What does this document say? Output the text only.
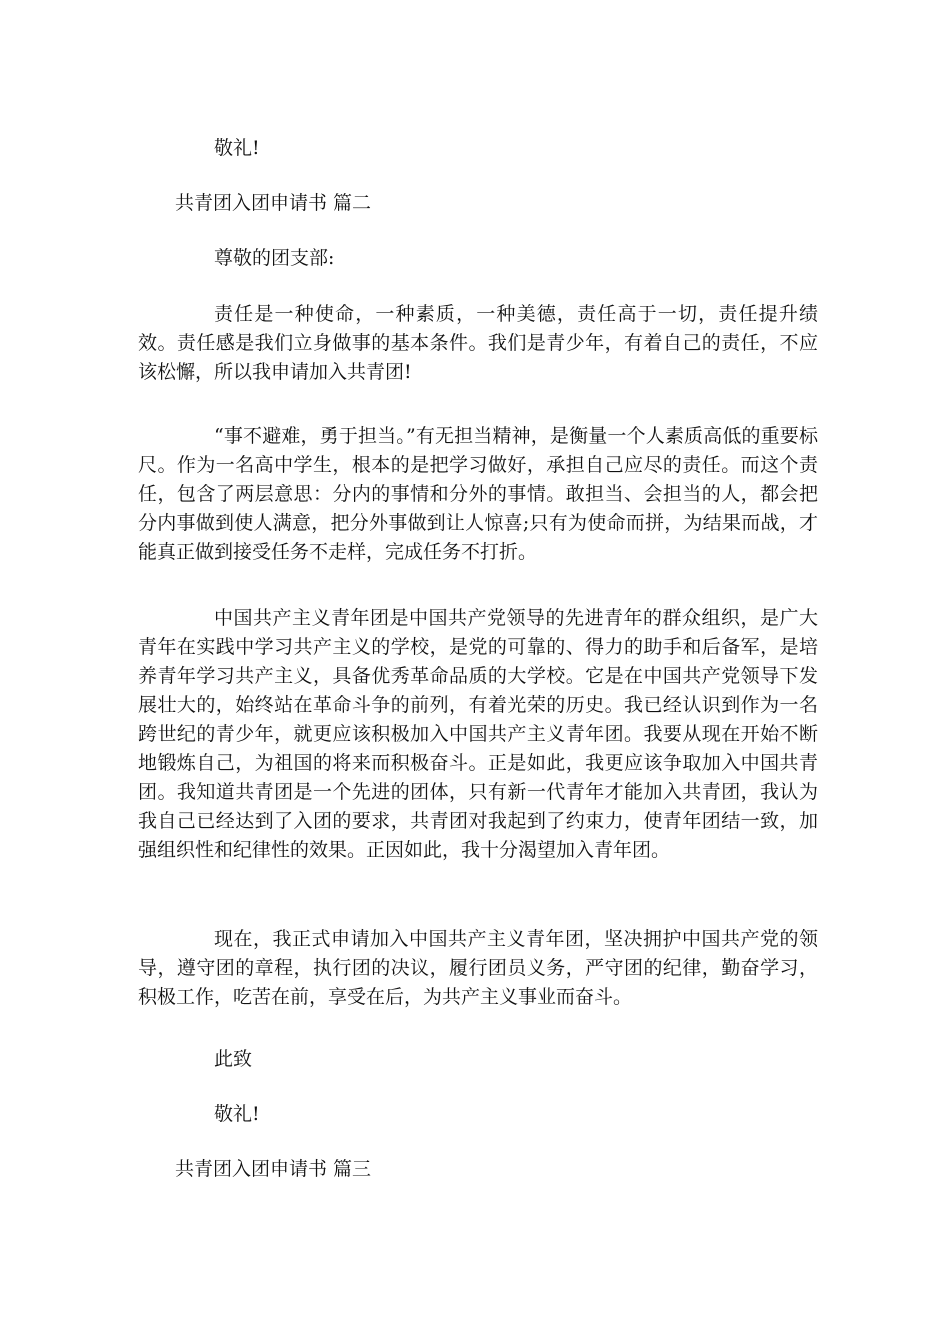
敬礼!

共青团入团申请书 篇二

尊敬的团支部:

责任是一种使命，一种素质，一种美德，责任高于一切，责任提升绩效。责任感是我们立身做事的基本条件。我们是青少年，有着自己的责任，不应该松懈，所以我申请加入共青团!

“事不避难，勇于担当。”有无担当精神，是衡量一个人素质高低的重要标尺。作为一名高中学生，根本的是把学习做好，承担自己应尽的责任。而这个责任，包含了两层意思：分内的事情和分外的事情。敢担当、会担当的人，都会把分内事做到使人满意，把分外事做到让人惊喜;只有为使命而拼，为结果而战，才能真正做到接受任务不走样，完成任务不打折。

中国共产主义青年团是中国共产党领导的先进青年的群众组织，是广大青年在实践中学习共产主义的学校，是党的可靠的、得力的助手和后备军，是培养青年学习共产主义，具备优秀革命品质的大学校。它是在中国共产党领导下发展壮大的，始终站在革命斗争的前列，有着光荣的历史。我已经认识到作为一名跨世纪的青少年，就更应该积极加入中国共产主义青年团。我要从现在开始不断地锻炼自己，为祖国的将来而积极奋斗。正是如此，我更应该争取加入中国共青团。我知道共青团是一个先进的团体，只有新一代青年才能加入共青团，我认为我自己已经达到了入团的要求，共青团对我起到了约束力，使青年团结一致，加强组织性和纪律性的效果。正因如此，我十分渴望加入青年团。

现在，我正式申请加入中国共产主义青年团，坚决拥护中国共产党的领导，遵守团的章程，执行团的决议，履行团员义务，严守团的纪律，勤奋学习，积极工作，吃苦在前，享受在后，为共产主义事业而奋斗。

此致

敬礼!

共青团入团申请书 篇三
